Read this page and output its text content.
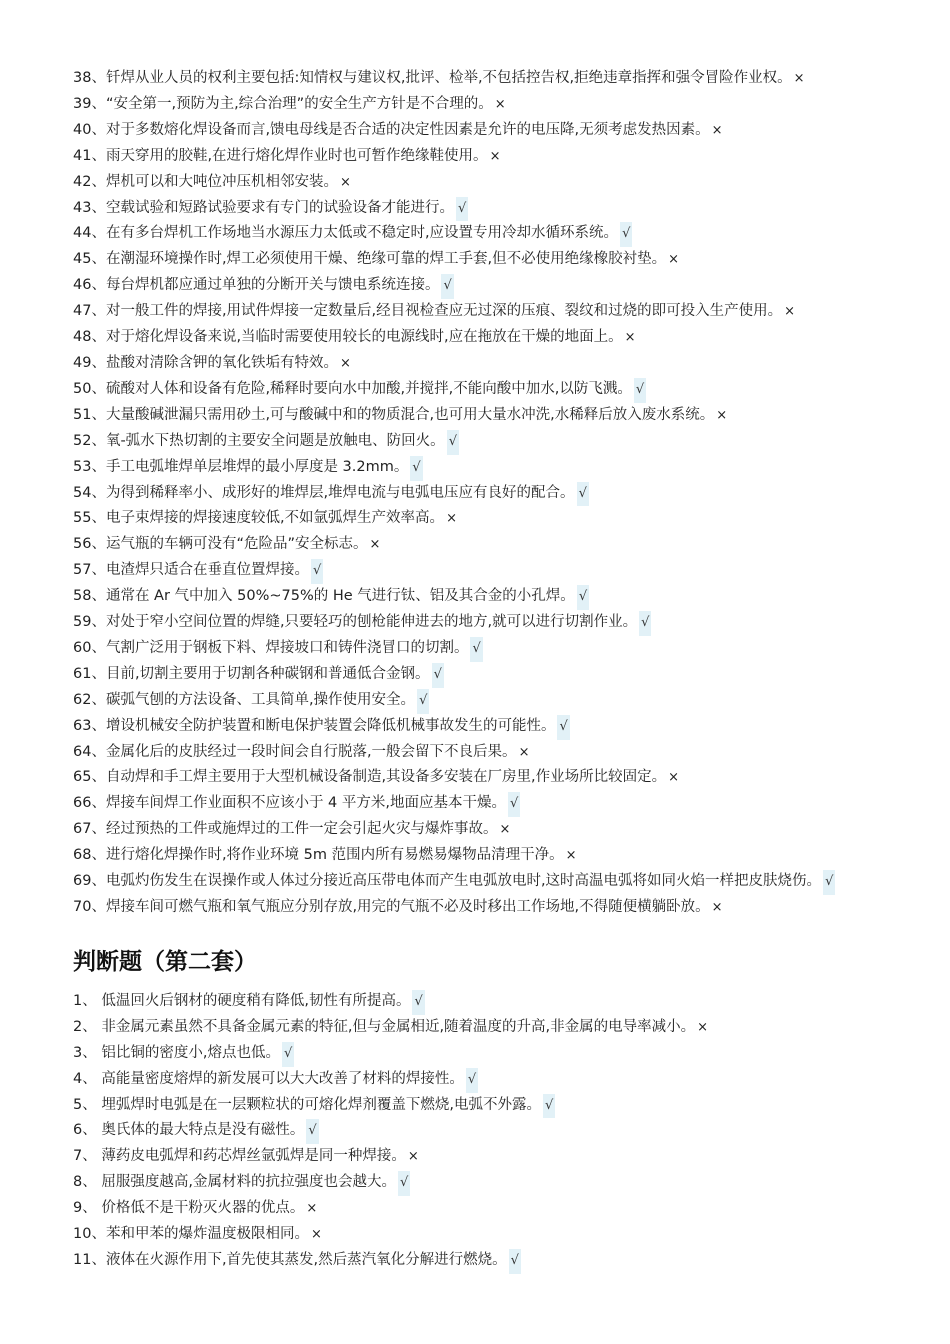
38、钎焊从业人员的权利主要包括:知情权与建议权,批评、检举,不包括控告权,拒绝违章指挥和强令冒险作业权。 ×
39、“安全第一,预防为主,综合治理”的安全生产方针是不合理的。 ×
40、对于多数熔化焊设备而言,馈电母线是否合适的决定性因素是允许的电压降,无须考虑发热因素。 ×
41、雨天穿用的胶鞋,在进行熔化焊作业时也可暂作绝缘鞋使用。 ×
42、焊机可以和大吨位冲压机相邻安装。 ×
43、空载试验和短路试验要求有专门的试验设备才能进行。 √
44、在有多台焊机工作场地当水源压力太低或不稳定时,应设置专用冷却水循环系统。 √
45、在潮湿环境操作时,焊工必须使用干燥、绝缘可靠的焊工手套,但不必使用绝缘橡胶衬垫。 ×
46、每台焊机都应通过单独的分断开关与馈电系统连接。 √
47、对一般工件的焊接,用试件焊接一定数量后,经目视检查应无过深的压痕、裂纹和过烧的即可投入生产使用。 ×
48、对于熔化焊设备来说,当临时需要使用较长的电源线时,应在拖放在干燥的地面上。 ×
49、盐酸对清除含钾的氧化铁垢有特效。 ×
50、硫酸对人体和设备有危险,稀释时要向水中加酸,并搅拌,不能向酸中加水,以防飞溅。 √
51、大量酸碱泄漏只需用砂土,可与酸碱中和的物质混合,也可用大量水冲洗,水稀释后放入废水系统。 ×
52、氧-弧水下热切割的主要安全问题是放触电、防回火。 √
53、手工电弧堆焊单层堆焊的最小厚度是 3.2mm。 √
54、为得到稀释率小、成形好的堆焊层,堆焊电流与电弧电压应有良好的配合。 √
55、电子束焊接的焊接速度较低,不如氩弧焊生产效率高。 ×
56、运气瓶的车辆可没有“危险品”安全标志。 ×
57、电渣焊只适合在垂直位置焊接。 √
58、通常在 Ar 气中加入 50%~75%的 He 气进行钛、铝及其合金的小孔焊。 √
59、对处于窄小空间位置的焊缝,只要轻巧的刨枪能伸进去的地方,就可以进行切割作业。 √
60、气割广泛用于钢板下料、焊接坡口和铸件浇冒口的切割。 √
61、目前,切割主要用于切割各种碳钢和普通低合金钢。 √
62、碳弧气刨的方法设备、工具简单,操作使用安全。 √
63、增设机械安全防护装置和断电保护装置会降低机械事故发生的可能性。 √
64、金属化后的皮肤经过一段时间会自行脱落,一般会留下不良后果。 ×
65、自动焊和手工焊主要用于大型机械设备制造,其设备多安装在厂房里,作业场所比较固定。 ×
66、焊接车间焊工作业面积不应该小于 4 平方米,地面应基本干燥。 √
67、经过预热的工件或施焊过的工件一定会引起火灾与爆炸事故。 ×
68、进行熔化焊操作时,将作业环境 5m 范围内所有易燃易爆物品清理干净。 ×
69、电弧灼伤发生在误操作或人体过分接近高压带电体而产生电弧放电时,这时高温电弧将如同火焰一样把皮肤烧伤。 √
70、焊接车间可燃气瓶和氧气瓶应分别存放,用完的气瓶不必及时移出工作场地,不得随便横躺卧放。 ×
判断题（第二套）
1、 低温回火后钢材的硬度稍有降低,韧性有所提高。 √
2、 非金属元素虽然不具备金属元素的特征,但与金属相近,随着温度的升高,非金属的电导率减小。 ×
3、 铝比铜的密度小,熔点也低。 √
4、 高能量密度熔焊的新发展可以大大改善了材料的焊接性。 √
5、 埋弧焊时电弧是在一层颗粒状的可熔化焊剂覆盖下燃烧,电弧不外露。 √
6、 奥氏体的最大特点是没有磁性。 √
7、 薄药皮电弧焊和药芯焊丝氩弧焊是同一种焊接。 ×
8、 屈服强度越高,金属材料的抗拉强度也会越大。 √
9、 价格低不是干粉灭火器的优点。 ×
10、苯和甲苯的爆炸温度极限相同。 ×
11、液体在火源作用下,首先使其蒸发,然后蒸汽氧化分解进行燃烧。 √
